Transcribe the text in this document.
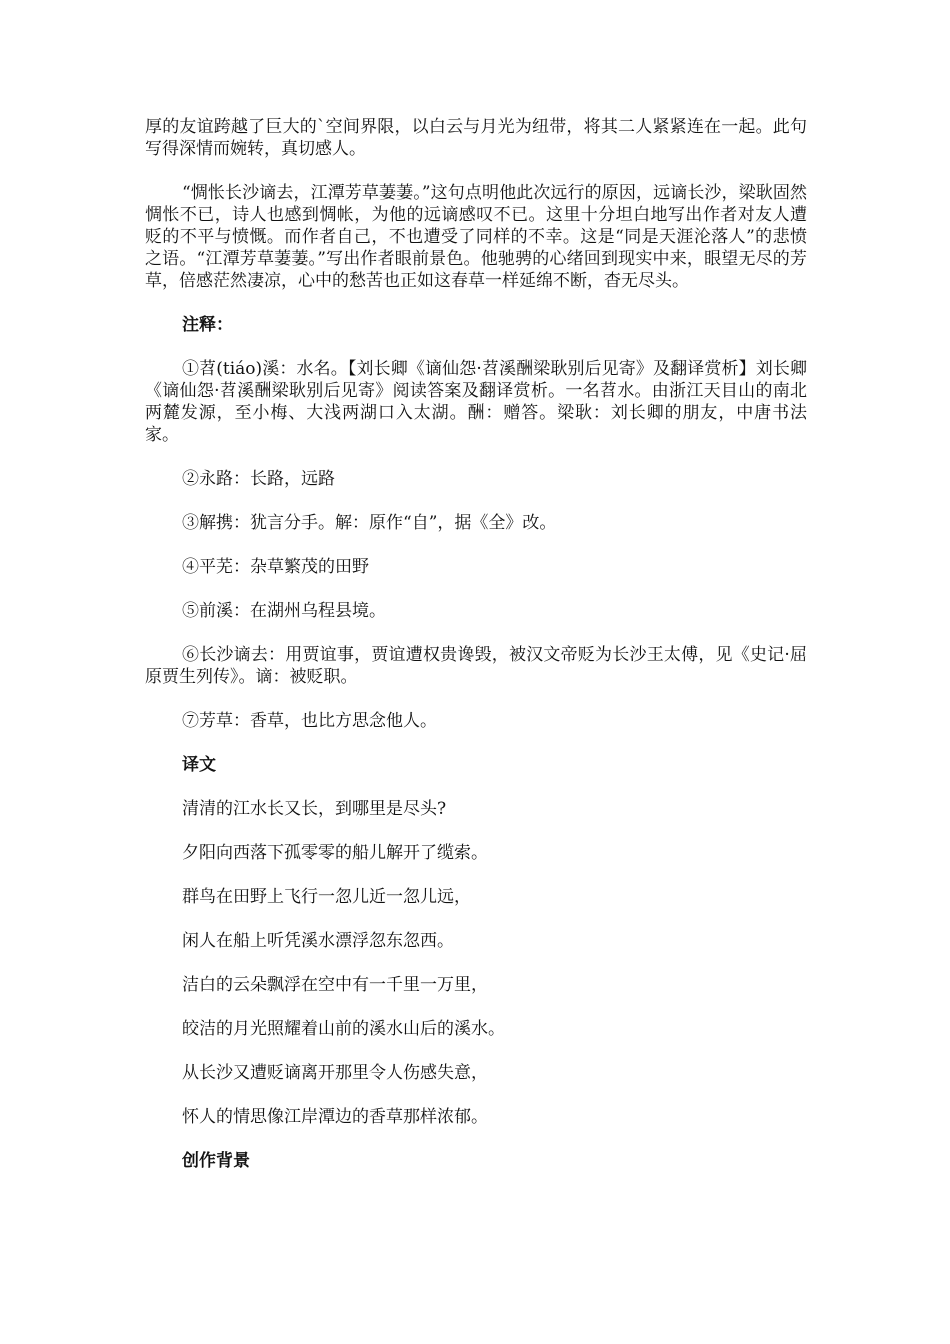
厚的友谊跨越了巨大的`空间界限，以白云与月光为纽带，将其二人紧紧连在一起。此句写得深情而婉转，真切感人。

“惆怅长沙谪去，江潭芳草萋萋。”这句点明他此次远行的原因，远谪长沙，梁耿固然惆怅不已，诗人也感到惆帐，为他的远谪感叹不已。这里十分坦白地写出作者对友人遭贬的不平与愤慨。而作者自己，不也遭受了同样的不幸。这是“同是天涯沦落人”的悲愤之语。“江潭芳草萋萋。”写出作者眼前景色。他驰骋的心绪回到现实中来，眼望无尽的芳草，倍感茫然凄凉，心中的愁苦也正如这春草一样延绵不断，杳无尽头。

注释：

①苕(tiáo)溪：水名。【刘长卿《谪仙怨·苕溪酬梁耿别后见寄》及翻译赏析】刘长卿《谪仙怨·苕溪酬梁耿别后见寄》阅读答案及翻译赏析。一名苕水。由浙江天目山的南北两麓发源，至小梅、大浅两湖口入太湖。酬：赠答。梁耿：刘长卿的朋友，中唐书法家。

②永路：长路，远路

③解携：犹言分手。解：原作“自”，据《全》改。

④平芜：杂草繁茂的田野

⑤前溪：在湖州乌程县境。

⑥长沙谪去：用贾谊事，贾谊遭权贵谗毁，被汉文帝贬为长沙王太傅，见《史记·屈原贾生列传》。谪：被贬职。

⑦芳草：香草，也比方思念他人。

译文

清清的江水长又长，到哪里是尽头?

夕阳向西落下孤零零的船儿解开了缆索。

群鸟在田野上飞行一忽儿近一忽儿远，

闲人在船上听凭溪水漂浮忽东忽西。

洁白的云朵飘浮在空中有一千里一万里，

皎洁的月光照耀着山前的溪水山后的溪水。

从长沙又遭贬谪离开那里令人伤感失意，

怀人的情思像江岸潭边的香草那样浓郁。

创作背景
